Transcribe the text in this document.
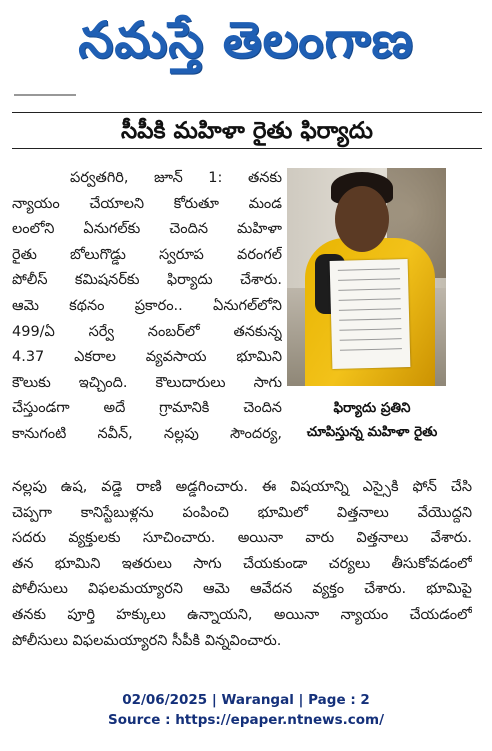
నమస్తే తెలంగాణ
సీపీకి మహిళా రైతు ఫిర్యాదు
పర్వతగిరి, జూన్ 1: తనకు
న్యాయం చేయాలని కోరుతూ మండ
లంలోని ఏనుగల్‌కు చెందిన మహిళా
రైతు బోలుగొడ్డు స్వరూప వరంగల్
పోలీస్ కమిషనర్‌కు ఫిర్యాదు చేశారు.
ఆమె కథనం ప్రకారం.. ఏనుగల్‌లోని
499/ఏ సర్వే నంబర్‌లో తనకున్న
4.37 ఎకరాల వ్యవసాయ భూమిని
కౌలుకు ఇచ్చింది. కౌలుదారులు సాగు
చేస్తుండగా అదే గ్రామానికి చెందిన
కానుగంటి నవీన్, నల్లపు సౌందర్య,
నల్లపు ఉష, వడ్డె రాణి అడ్డగించారు. ఈ విషయాన్ని ఎస్సైకి ఫోన్ చేసి
చెప్పగా కానిస్టేబుళ్లను పంపించి భూమిలో విత్తనాలు వేయొద్దని
సదరు వ్యక్తులకు సూచించారు. అయినా వారు విత్తనాలు వేశారు.
తన భూమిని ఇతరులు సాగు చేయకుండా చర్యలు తీసుకోవడంలో
పోలీసులు విఫలమయ్యారని ఆమె ఆవేదన వ్యక్తం చేశారు. భూమిపై
తనకు పూర్తి హక్కులు ఉన్నాయని, అయినా న్యాయం చేయడంలో
పోలీసులు విఫలమయ్యారని సీపీకి విన్నవించారు.
ఫిర్యాదు ప్రతిని
చూపిస్తున్న మహిళా రైతు
02/06/2025 | Warangal | Page : 2
Source : https://epaper.ntnews.com/
